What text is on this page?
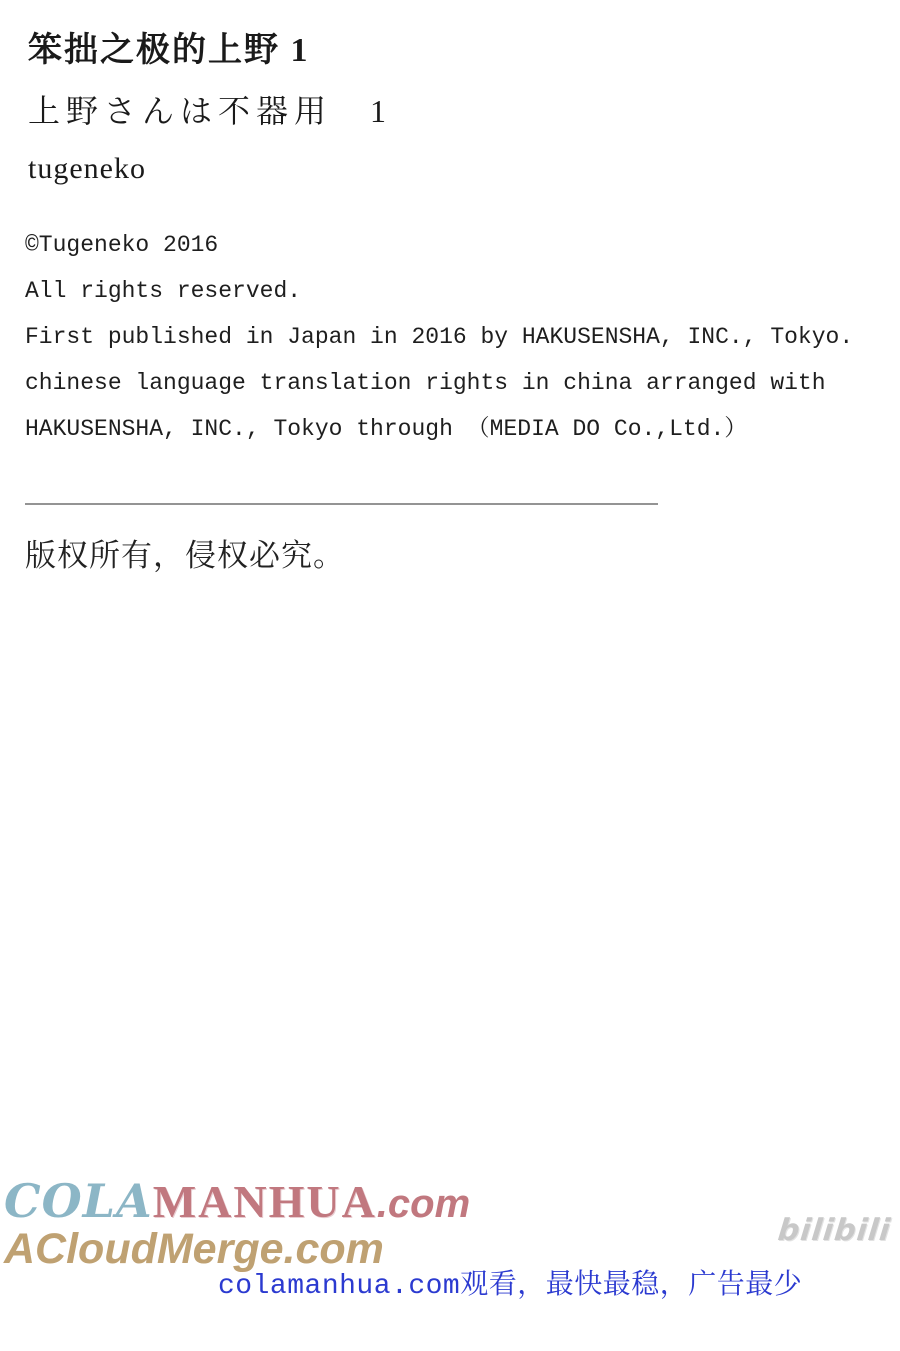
笨拙之极的上野 1
上野さんは不器用　1
tugeneko
©Tugeneko 2016
All rights reserved.
First published in Japan in 2016 by HAKUSENSHA, INC., Tokyo.
chinese language translation rights in china arranged with
HAKUSENSHA, INC., Tokyo through （MEDIA DO Co.,Ltd.）
版权所有，侵权必究。
COLAMANHUA.com
ACloudMerge.com	bilibili
colamanhua.com观看，最快最稳，广告最少
